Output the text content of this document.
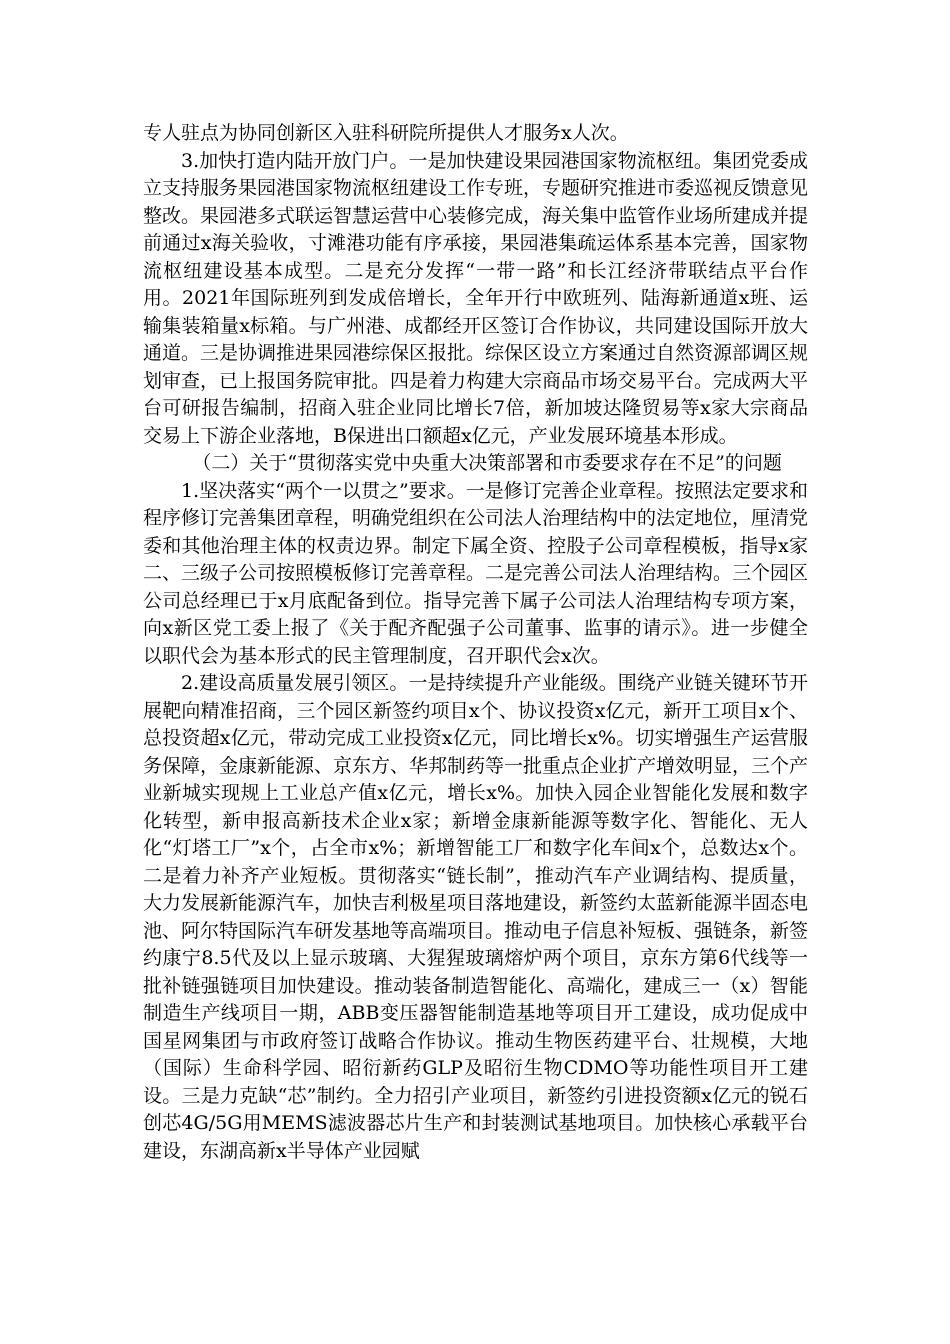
专人驻点为协同创新区入驻科研院所提供人才服务x人次。

3.加快打造内陆开放门户。一是加快建设果园港国家物流枢纽。集团党委成立支持服务果园港国家物流枢纽建设工作专班，专题研究推进市委巡视反馈意见整改。果园港多式联运智慧运营中心装修完成，海关集中监管作业场所建成并提前通过x海关验收，寸滩港功能有序承接，果园港集疏运体系基本完善，国家物流枢纽建设基本成型。二是充分发挥“一带一路”和长江经济带联结点平台作用。2021年国际班列到发成倍增长，全年开行中欧班列、陆海新通道x班、运输集装箱量x标箱。与广州港、成都经开区签订合作协议，共同建设国际开放大通道。三是协调推进果园港综保区报批。综保区设立方案通过自然资源部调区规划审查，已上报国务院审批。四是着力构建大宗商品市场交易平台。完成两大平台可研报告编制，招商入驻企业同比增长7倍，新加坡达隆贸易等x家大宗商品交易上下游企业落地，B保进出口额超x亿元，产业发展环境基本形成。

（二）关于“贯彻落实党中央重大决策部署和市委要求存在不足”的问题

1.坚决落实“两个一以贯之”要求。一是修订完善企业章程。按照法定要求和程序修订完善集团章程，明确党组织在公司法人治理结构中的法定地位，厘清党委和其他治理主体的权责边界。制定下属全资、控股子公司章程模板，指导x家二、三级子公司按照模板修订完善章程。二是完善公司法人治理结构。三个园区公司总经理已于x月底配备到位。指导完善下属子公司法人治理结构专项方案，向x新区党工委上报了《关于配齐配强子公司董事、监事的请示》。进一步健全以职代会为基本形式的民主管理制度，召开职代会x次。

2.建设高质量发展引领区。一是持续提升产业能级。围绕产业链关键环节开展靶向精准招商，三个园区新签约项目x个、协议投资x亿元，新开工项目x个、总投资超x亿元，带动完成工业投资x亿元，同比增长x%。切实增强生产运营服务保障，金康新能源、京东方、华邦制药等一批重点企业扩产增效明显，三个产业新城实现规上工业总产值x亿元，增长x%。加快入园企业智能化发展和数字化转型，新申报高新技术企业x家；新增金康新能源等数字化、智能化、无人化“灯塔工厂”x个，占全市x%；新增智能工厂和数字化车间x个，总数达x个。二是着力补齐产业短板。贯彻落实“链长制”，推动汽车产业调结构、提质量，大力发展新能源汽车，加快吉利极星项目落地建设，新签约太蓝新能源半固态电池、阿尔特国际汽车研发基地等高端项目。推动电子信息补短板、强链条，新签约康宁8.5代及以上显示玻璃、大猩猩玻璃熔炉两个项目，京东方第6代线等一批补链强链项目加快建设。推动装备制造智能化、高端化，建成三一（x）智能制造生产线项目一期，ABB变压器智能制造基地等项目开工建设，成功促成中国星网集团与市政府签订战略合作协议。推动生物医药建平台、壮规模，大地（国际）生命科学园、昭衍新药GLP及昭衍生物CDMO等功能性项目开工建设。三是力克缺“芯”制约。全力招引产业项目，新签约引进投资额x亿元的锐石创芯4G/5G用MEMS滤波器芯片生产和封装测试基地项目。加快核心承载平台建设，东湖高新x半导体产业园赋
